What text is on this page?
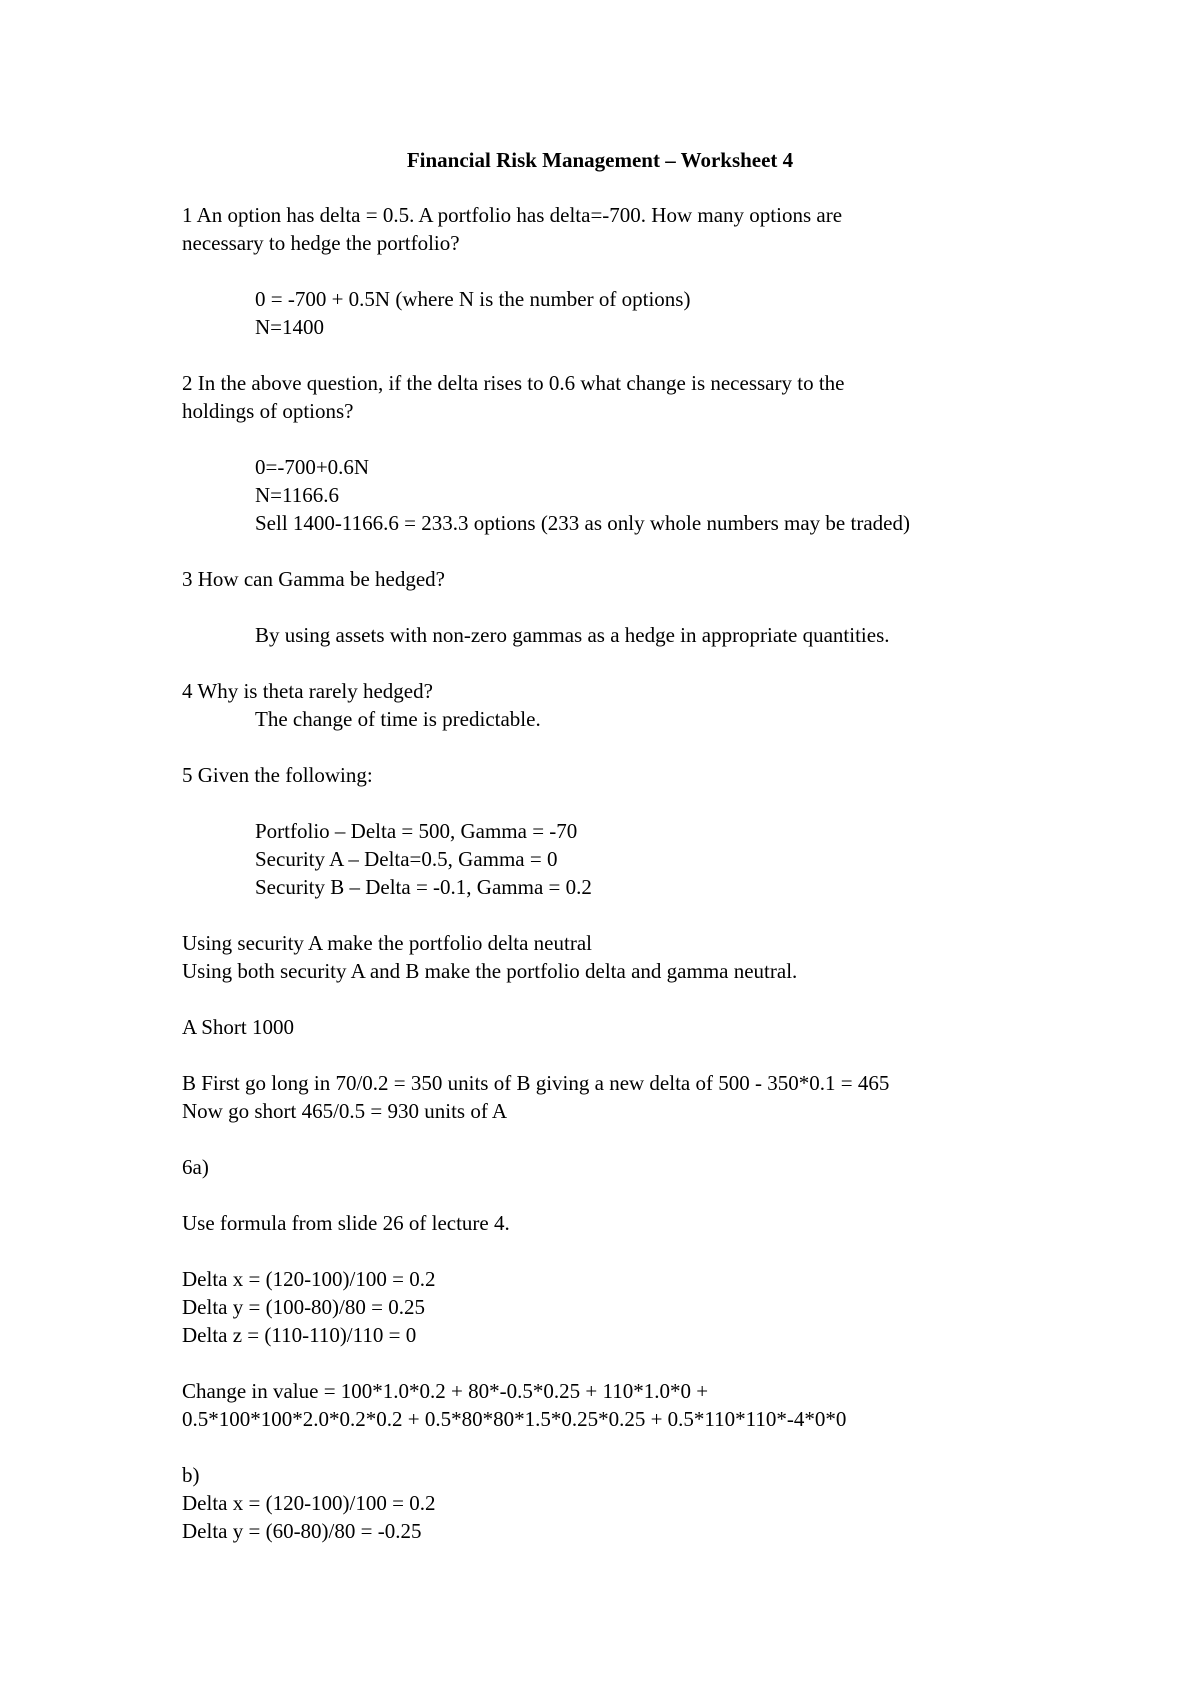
Financial Risk Management – Worksheet 4
1 An option has delta = 0.5. A portfolio has delta=-700. How many options are
necessary to hedge the portfolio?
0 = -700 + 0.5N (where N is the number of options)
N=1400
2 In the above question, if the delta rises to 0.6 what change is necessary to the
holdings of options?
0=-700+0.6N
N=1166.6
Sell 1400-1166.6 = 233.3 options (233 as only whole numbers may be traded)
3 How can Gamma be hedged?
By using assets with non-zero gammas as a hedge in appropriate quantities.
4 Why is theta rarely hedged?
The change of time is predictable.
5 Given the following:
Portfolio – Delta = 500, Gamma = -70
Security A – Delta=0.5, Gamma = 0
Security B – Delta = -0.1, Gamma = 0.2
Using security A make the portfolio delta neutral
Using both security A and B make the portfolio delta and gamma neutral.
A Short 1000
B First go long in 70/0.2 = 350 units of B giving a new delta of 500 - 350*0.1 = 465
Now go short 465/0.5 = 930 units of A
6a)
Use formula from slide 26 of lecture 4.
Delta x = (120-100)/100 = 0.2
Delta y = (100-80)/80 = 0.25
Delta z = (110-110)/110 = 0
Change in value = 100*1.0*0.2 + 80*-0.5*0.25 + 110*1.0*0 +
0.5*100*100*2.0*0.2*0.2 + 0.5*80*80*1.5*0.25*0.25 + 0.5*110*110*-4*0*0
b)
Delta x = (120-100)/100 = 0.2
Delta y = (60-80)/80 = -0.25
